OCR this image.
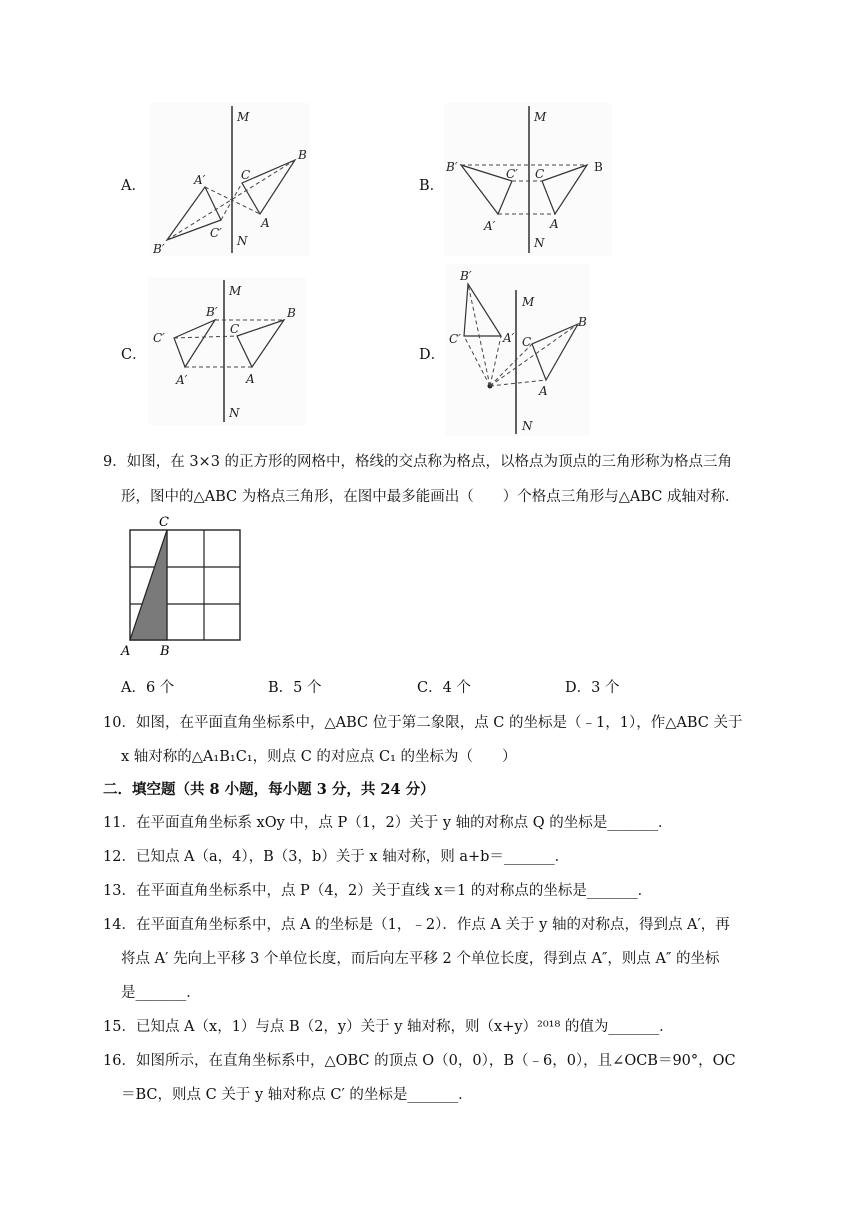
A．
M
N
B
C
A
A′
C′
B′
B．
M
N
B
C
A
B′	C′
A′
C．
M
N
B
C
A
B′
C′
A′
D．
M
N
B
C
A
B′
C′	A′
9．如图，在 3×3 的正方形的网格中，格线的交点称为格点，以格点为顶点的三角形称为格点三角
形，图中的△ABC 为格点三角形，在图中最多能画出（　　）个格点三角形与△ABC 成轴对称．
C
A B
A．6 个	B．5 个	C．4 个	D．3 个
10．如图，在平面直角坐标系中，△ABC 位于第二象限，点 C 的坐标是（﹣1，1），作△ABC 关于
x 轴对称的△A₁B₁C₁，则点 C 的对应点 C₁ 的坐标为（　　）
二．填空题（共 8 小题，每小题 3 分，共 24 分）
11．在平面直角坐标系 xOy 中，点 P（1，2）关于 y 轴的对称点 Q 的坐标是_______．
12．已知点 A（a，4），B（3，b）关于 x 轴对称，则 a+b＝_______．
13．在平面直角坐标系中，点 P（4，2）关于直线 x＝1 的对称点的坐标是_______．
14．在平面直角坐标系中，点 A 的坐标是（1，﹣2）．作点 A 关于 y 轴的对称点，得到点 A′，再
将点 A′ 先向上平移 3 个单位长度，而后向左平移 2 个单位长度，得到点 A″，则点 A″ 的坐标
是_______．
15．已知点 A（x，1）与点 B（2，y）关于 y 轴对称，则（x+y）²⁰¹⁸ 的值为_______．
16．如图所示，在直角坐标系中，△OBC 的顶点 O（0，0），B（﹣6，0），且∠OCB＝90°，OC
＝BC，则点 C 关于 y 轴对称点 C′ 的坐标是_______．
